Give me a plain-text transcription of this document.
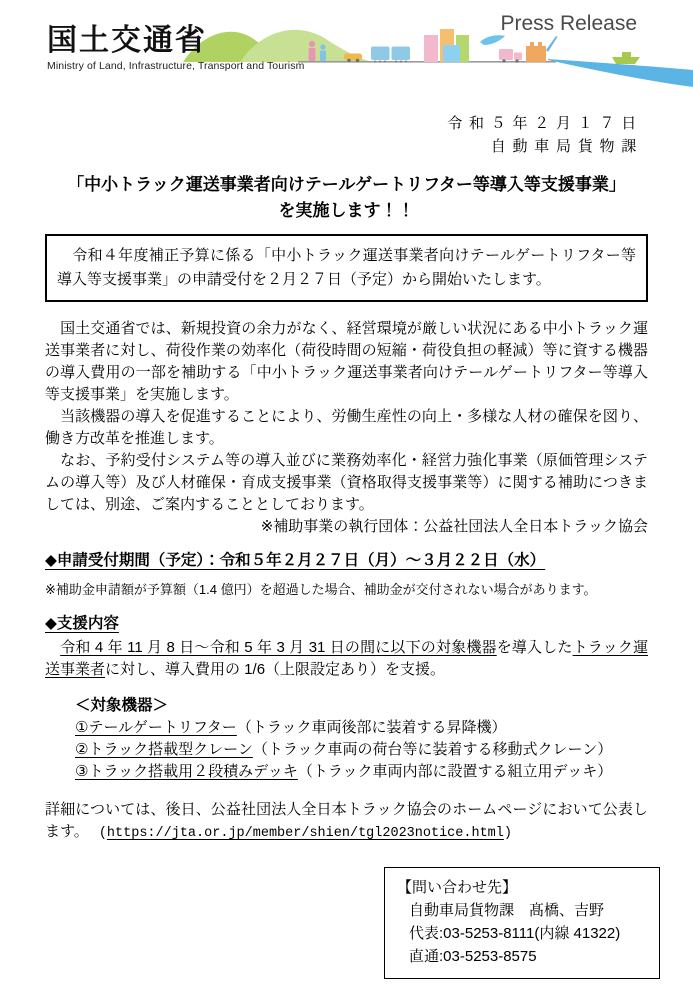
国土交通省
Ministry of Land, Infrastructure, Transport and Tourism
Press Release
令和５年２月１７日
自動車局貨物課
「中小トラック運送事業者向けテールゲートリフター等導入等支援事業」
を実施します！！
　令和４年度補正予算に係る「中小トラック運送事業者向けテールゲートリフター等導入等支援事業」の申請受付を２月２７日（予定）から開始いたします。

　国土交通省では、新規投資の余力がなく、経営環境が厳しい状況にある中小トラック運送事業者に対し、荷役作業の効率化（荷役時間の短縮・荷役負担の軽減）等に資する機器の導入費用の一部を補助する「中小トラック運送事業者向けテールゲートリフター等導入等支援事業」を実施します。

　当該機器の導入を促進することにより、労働生産性の向上・多様な人材の確保を図り、働き方改革を推進します。

　なお、予約受付システム等の導入並びに業務効率化・経営力強化事業（原価管理システムの導入等）及び人材確保・育成支援事業（資格取得支援事業等）に関する補助につきましては、別途、ご案内することとしております。

※補助事業の執行団体：公益社団法人全日本トラック協会

◆申請受付期間（予定）：令和５年２月２７日（月）～３月２２日（水）

※補助金申請額が予算額（1.4 億円）を超過した場合、補助金が交付されない場合があります。

◆支援内容

　令和 4 年 11 月 8 日～令和 5 年 3 月 31 日の間に以下の対象機器を導入したトラック運送事業者に対し、導入費用の 1/6（上限設定あり）を支援。

＜対象機器＞

①テールゲートリフター（トラック車両後部に装着する昇降機）

②トラック搭載型クレーン（トラック車両の荷台等に装着する移動式クレーン）

③トラック搭載用２段積みデッキ（トラック車両内部に設置する組立用デッキ）

詳細については、後日、公益社団法人全日本トラック協会のホームページにおいて公表します。 (https://jta.or.jp/member/shien/tgl2023notice.html)

【問い合わせ先】
自動車局貨物課　髙橋、吉野
代表:03-5253-8111(内線 41322)
直通:03-5253-8575
